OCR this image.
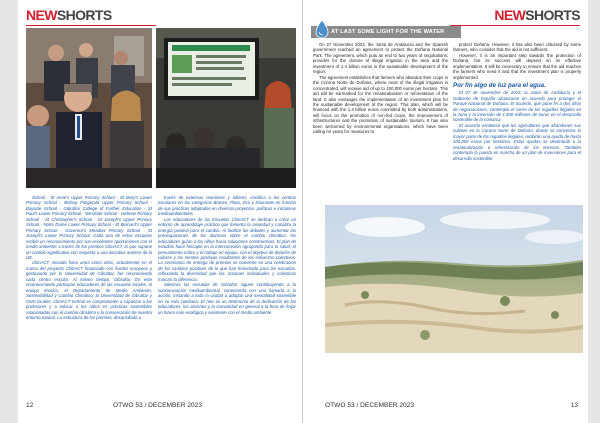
NEWSHORTS

School - St Anne's Upper Primary School - St Mary's Lower Primary School - Bishop Fitzgerald Upper Primary School - Bayside School - Gibraltar College of Further Education - St Paul's Lower Primary School - Westside School - Hebrew Primary School - St Christopher's School - St Joseph's Upper Primary School - Notre Dame Lower Primary School - St Bernard's Upper Primary School - Governor's Meadow Primary School - St Joseph's Lower Primary School. Cada una de estas escuelas recibió un reconocimiento por sus excelentes aportaciones con el medio ambiente a través de los premios ClimACT, lo que supone un cambio significativo con respecto a una iniciativa anterior de la UE.

ClimACT, iniciado hace unos cinco años, actualmente en el marco del proyecto ClimACT financiado con fondos europeos y gestionado por la Universidad de Gibraltar, fue reconociendo cada centro escolar. Al mismo tiempo, Gibraltar. En este reconocimiento participan educadores de las escuelas locales, el equipo técnico, el Departamento de Medio Ambiente, Sostenibilidad y Cambio Climático, la Universidad de Gibraltar y ONG locales. ClimACT School se comprometen a capacitar a los profesores y a educar a los niños en prácticas sostenibles relacionadas con el cambio climático y la conservación de nuestro entorno natural. La estructura de los premios, desarrollada a

través de extensas reuniones y talleres, clasifica a los centros escolares en las categorías Bronce, Plata, Oro y Diamante en función de sus prácticas adoptadas en diversos proyectos, políticas e iniciativas medioambientales.

Los educadores de las Escuelas ClimACT se dedican a crear un entorno de aprendizaje práctico que fomenta la ansiedad y canaliza la energía positiva para el cambio. Al facilitar los debates y aumentar las preocupaciones de los alumnos sobre el cambio climático, los educadores guían a los niños hacia soluciones constructivas. El plan de estudios hace hincapié en la interconexión agrupando para la salud, el pensamiento crítico y el trabajo en equipo, con el objetivo de dotarles de valores y las mentes positivas resultantes de los esfuerzos colectivos. La ceremonia de entrega de premios se convierte en una celebración de los cambios positivos de lo que han fomentado para las escuelas, reflexando la diversidad que las acciones individuales y colectivas marcan la diferencia.

Mientras las escuelas de Gibraltar siguen contribuyendo a la concienciación medioambiental, conectando con una llamada a la acción, instando a toda la ciudad a adoptar una mentalidad sostenible en su vida cotidiana. El reto es un testimonio de la dedicación de los educadores, los alumnos y la comunidad en general a la hora de forjar un futuro más ecológico y resistente con el medio ambiente

12	OTWO 53 / DECEMBER 2023
NEWSHORTS
AT LAST SOME LIGHT FOR THE WATER

On 27 November 2023, the Junta de Andalucía and the Spanish government reached an agreement to protect the Doñana National Park. The agreement, which puts an end to two years of negotiations, provides for the closure of illegal irrigation in the area and the investment of 1.4 billion euros in the sustainable development of the region.

The agreement establishes that farmers who abandon their crops in the Corona Norte de Doñana, where most of the illegal irrigation is concentrated, will receive aid of up to 100,000 euros per hectare. This aid will be earmarked for the renaturalisation or reforestation of the land. It also envisages the implementation of an investment plan for the sustainable development of the region. This plan, which will be financed with the 1.4 billion euros committed by both administrations, will focus on the promotion of non-fed crops, the improvement of infrastructures and the promotion of sustainable tourism. It has also been welcomed by environmental organisations, which have been calling for years for measures to

protect Doñana. However, it has also been criticised by some farmers, who consider that the aid is not sufficient.

However, it is an important step towards the protection of Doñana, but its success will depend on its effective implementation. It will be necessary to ensure that the aid reaches the farmers who need it and that the investment plan is properly implemented.

Por fin algo de luz para el agua.

El 27 de noviembre de 2023, la Junta de Andalucía y el Gobierno de España alcanzaron un acuerdo para proteger el Parque Nacional de Doñana. El acuerdo, que pone fin a dos años de negociaciones, contempla el cierre de los regadíos ilegales en la zona y la inversión de 1.400 millones de euros en el desarrollo sostenible de la comarca.

El acuerdo establece que los agricultores que abandonen sus cultivos en la Corona Norte de Doñana, donde se concentra la mayor parte de los regadíos ilegales, recibirán una ayuda de hasta 100.000 euros por hectárea. Estas ayudas se destinarán a la renaturalización o reforestación de los terrenos. También contempla la puesta en marcha de un plan de inversiones para el desarrollo sostenible

OTWO 53 / DECEMBER 2023	13
